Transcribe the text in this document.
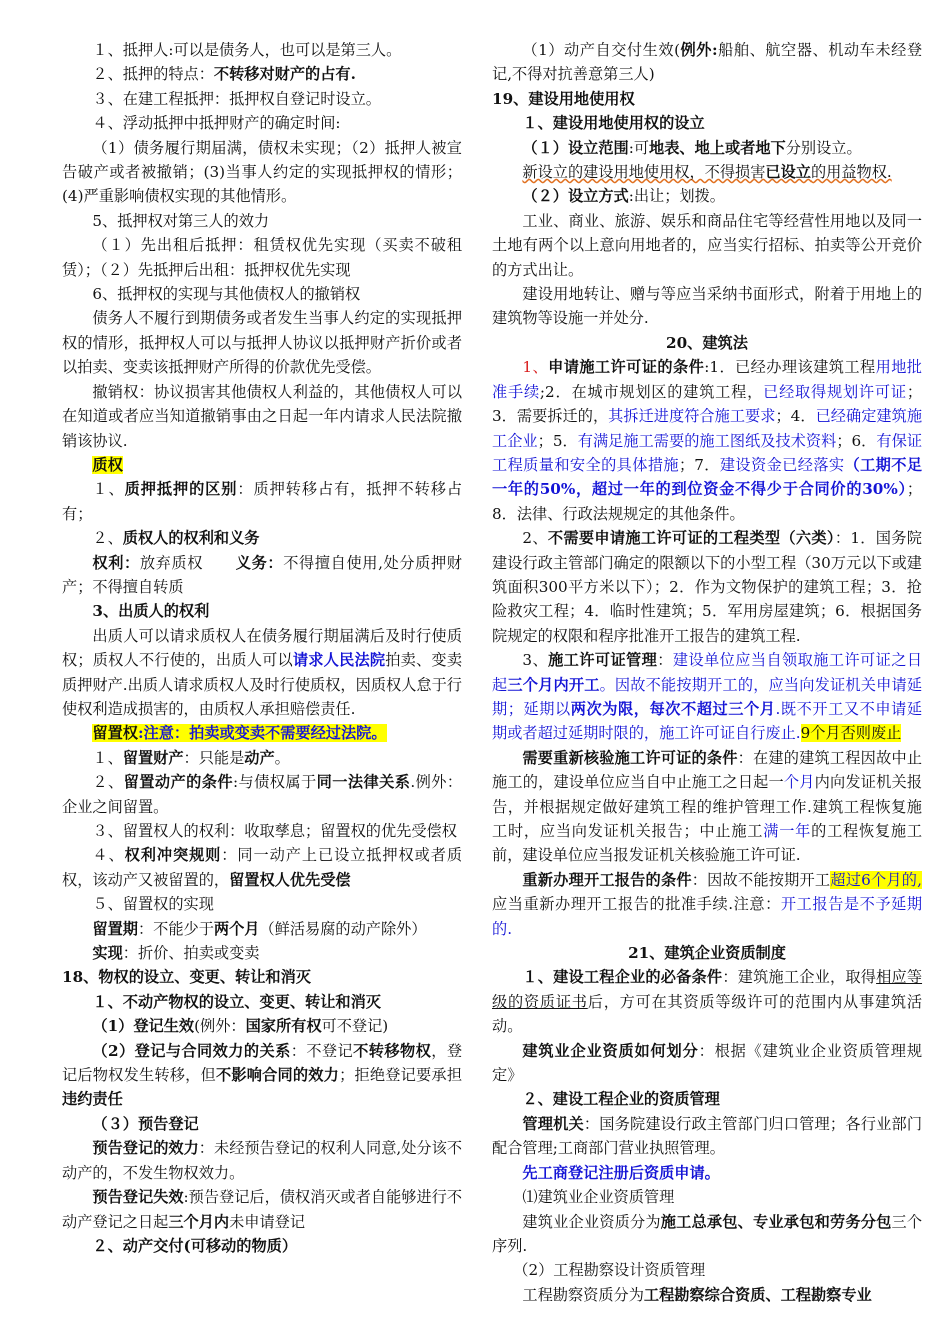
１、抵押人:可以是债务人，也可以是第三人。

２、抵押的特点：不转移对财产的占有.

３、在建工程抵押：抵押权自登记时设立。

４、浮动抵押中抵押财产的确定时间:

（1）债务履行期届满，债权未实现；（2）抵押人被宣告破产或者被撤销；(3)当事人约定的实现抵押权的情形；(4)严重影响债权实现的其他情形。

5、抵押权对第三人的效力

（１）先出租后抵押：租赁权优先实现（买卖不破租赁）；（２）先抵押后出租：抵押权优先实现

6、抵押权的实现与其他债权人的撤销权

债务人不履行到期债务或者发生当事人约定的实现抵押权的情形，抵押权人可以与抵押人协议以抵押财产折价或者以拍卖、变卖该抵押财产所得的价款优先受偿。

撤销权：协议损害其他债权人利益的，其他债权人可以在知道或者应当知道撤销事由之日起一年内请求人民法院撤销该协议.

质权

１、质押抵押的区别：质押转移占有，抵押不转移占有；

２、质权人的权利和义务

权利：放弃质权 义务：不得擅自使用,处分质押财产；不得擅自转质

3、出质人的权利

出质人可以请求质权人在债务履行期届满后及时行使质权；质权人不行使的，出质人可以请求人民法院拍卖、变卖质押财产.出质人请求质权人及时行使质权，因质权人怠于行使权利造成损害的，由质权人承担赔偿责任.

留置权:注意：拍卖或变卖不需要经过法院。

１、留置财产：只能是动产。

２、留置动产的条件:与债权属于同一法律关系.例外：企业之间留置。

３、留置权人的权利：收取孳息；留置权的优先受偿权

４、权利冲突规则：同一动产上已设立抵押权或者质权，该动产又被留置的，留置权人优先受偿

５、留置权的实现

留置期：不能少于两个月（鲜活易腐的动产除外）

实现：折价、拍卖或变卖

18、物权的设立、变更、转让和消灭

１、不动产物权的设立、变更、转让和消灭

（1）登记生效(例外：国家所有权可不登记)

（2）登记与合同效力的关系：不登记不转移物权，登记后物权发生转移，但不影响合同的效力；拒绝登记要承担违约责任

（３）预告登记

预告登记的效力：未经预告登记的权利人同意,处分该不动产的，不发生物权效力。

预告登记失效:预告登记后，债权消灭或者自能够进行不动产登记之日起三个月内未申请登记

２、动产交付(可移动的物质）

（1）动产自交付生效(例外:船舶、航空器、机动车未经登记,不得对抗善意第三人)

19、建设用地使用权

１、建设用地使用权的设立

（１）设立范围:可地表、地上或者地下分别设立。

新设立的建设用地使用权，不得损害已设立的用益物权.

（２）设立方式:出让；划拨。

工业、商业、旅游、娱乐和商品住宅等经营性用地以及同一土地有两个以上意向用地者的，应当实行招标、拍卖等公开竞价的方式出让。

建设用地转让、赠与等应当采纳书面形式，附着于用地上的建筑物等设施一并处分.

20、建筑法

1、申请施工许可证的条件:1．已经办理该建筑工程用地批准手续;2．在城市规划区的建筑工程，已经取得规划许可证；3．需要拆迁的，其拆迁进度符合施工要求；4．已经确定建筑施工企业；5．有满足施工需要的施工图纸及技术资料；6．有保证工程质量和安全的具体措施；7．建设资金已经落实（工期不足一年的50%，超过一年的到位资金不得少于合同价的30%）；8．法律、行政法规规定的其他条件。

2、不需要申请施工许可证的工程类型（六类）：1．国务院建设行政主管部门确定的限额以下的小型工程（30万元以下或建筑面积300平方米以下）；2．作为文物保护的建筑工程；3．抢险救灾工程；4．临时性建筑；5．军用房屋建筑；6．根据国务院规定的权限和程序批准开工报告的建筑工程.

3、施工许可证管理：建设单位应当自领取施工许可证之日起三个月内开工。因故不能按期开工的，应当向发证机关申请延期；延期以两次为限，每次不超过三个月.既不开工又不申请延期或者超过延期时限的，施工许可证自行废止.9个月否则废止

需要重新核验施工许可证的条件：在建的建筑工程因故中止施工的，建设单位应当自中止施工之日起一个月内向发证机关报告，并根据规定做好建筑工程的维护管理工作.建筑工程恢复施工时，应当向发证机关报告；中止施工满一年的工程恢复施工前，建设单位应当报发证机关核验施工许可证.

重新办理开工报告的条件：因故不能按期开工超过6个月的,应当重新办理开工报告的批准手续.注意：开工报告是不予延期的.

21、建筑企业资质制度

１、建设工程企业的必备条件：建筑施工企业，取得相应等级的资质证书后，方可在其资质等级许可的范围内从事建筑活动。

建筑业企业资质如何划分：根据《建筑业企业资质管理规定》

２、建设工程企业的资质管理

管理机关：国务院建设行政主管部门归口管理；各行业部门配合管理;工商部门营业执照管理。

先工商登记注册后资质申请。

⑴建筑业企业资质管理

建筑业企业资质分为施工总承包、专业承包和劳务分包三个序列.

（2）工程勘察设计资质管理

工程勘察资质分为工程勘察综合资质、工程勘察专业
